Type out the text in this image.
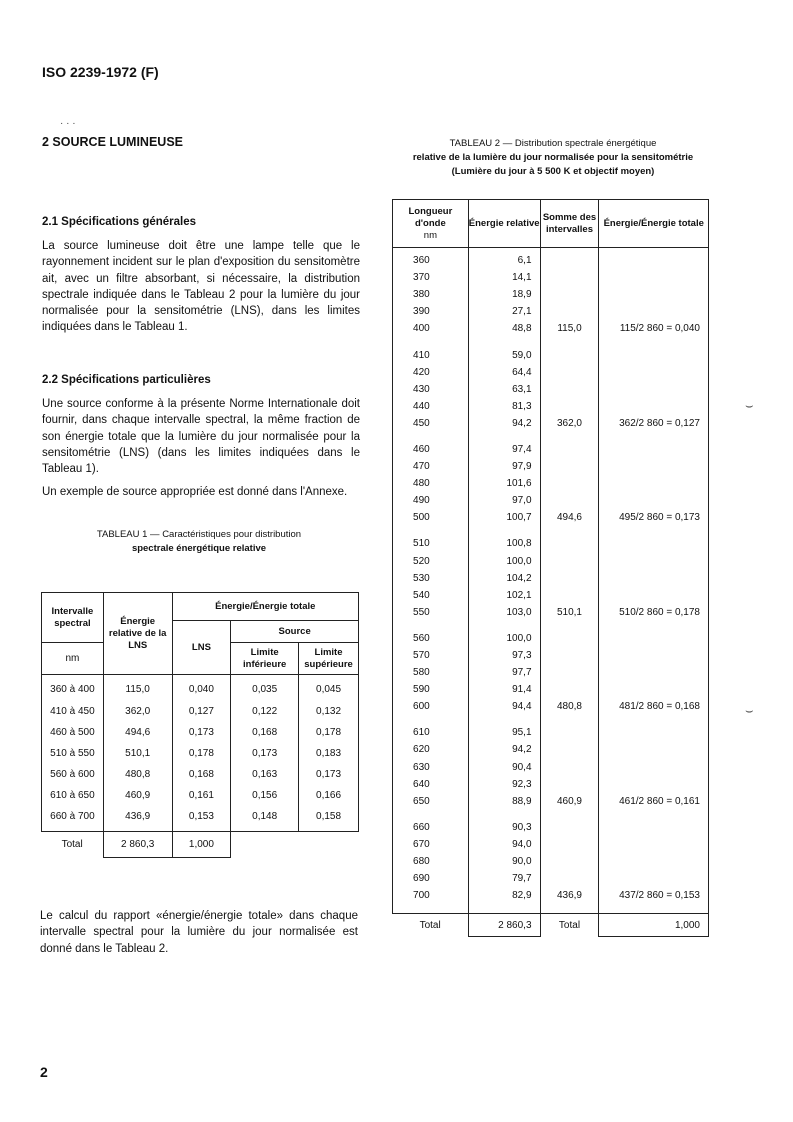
ISO 2239-1972 (F)
· · ·
2 SOURCE LUMINEUSE
2.1 Spécifications générales
La source lumineuse doit être une lampe telle que le rayonnement incident sur le plan d'exposition du sensitomètre ait, avec un filtre absorbant, si nécessaire, la distribution spectrale indiquée dans le Tableau 2 pour la lumière du jour normalisée pour la sensitométrie (LNS), dans les limites indiquées dans le Tableau 1.
2.2 Spécifications particulières
Une source conforme à la présente Norme Internationale doit fournir, dans chaque intervalle spectral, la même fraction de son énergie totale que la lumière du jour normalisée pour la sensitométrie (LNS) (dans les limites indiquées dans le Tableau 1).
Un exemple de source appropriée est donné dans l'Annexe.
TABLEAU 1 — Caractéristiques pour distribution
spectrale énergétique relative
Intervalle spectral	Énergie relative de la LNS	Énergie/Énergie totale		
		LNS	Source	
nm			Limite inférieure	Limite supérieure
360 à 400	115,0	0,040	0,035	0,045
410 à 450	362,0	0,127	0,122	0,132
460 à 500	494,6	0,173	0,168	0,178
510 à 550	510,1	0,178	0,173	0,183
560 à 600	480,8	0,168	0,163	0,173
610 à 650	460,9	0,161	0,156	0,166
660 à 700	436,9	0,153	0,148	0,158
Total	2 860,3	1,000		
Le calcul du rapport «énergie/énergie totale» dans chaque intervalle spectral pour la lumière du jour normalisée est donné dans le Tableau 2.
TABLEAU 2 — Distribution spectrale énergétique
relative de la lumière du jour normalisée pour la sensitométrie
(Lumière du jour à 5 500 K et objectif moyen)
Longueur d'onde
nm	Énergie relative	Somme des intervalles	Énergie/Énergie totale
360	6,1		
370	14,1		
380	18,9		
390	27,1		
400	48,8	115,0	115/2 860 = 0,040

410	59,0		
420	64,4		
430	63,1		
440	81,3		
450	94,2	362,0	362/2 860 = 0,127

460	97,4		
470	97,9		
480	101,6		
490	97,0		
500	100,7	494,6	495/2 860 = 0,173

510	100,8		
520	100,0		
530	104,2		
540	102,1		
550	103,0	510,1	510/2 860 = 0,178

560	100,0		
570	97,3		
580	97,7		
590	91,4		
600	94,4	480,8	481/2 860 = 0,168

610	95,1		
620	94,2		
630	90,4		
640	92,3		
650	88,9	460,9	461/2 860 = 0,161

660	90,3		
670	94,0		
680	90,0		
690	79,7		
700	82,9	436,9	437/2 860 = 0,153

Total	2 860,3	Total	1,000
⌣
⌣
2
